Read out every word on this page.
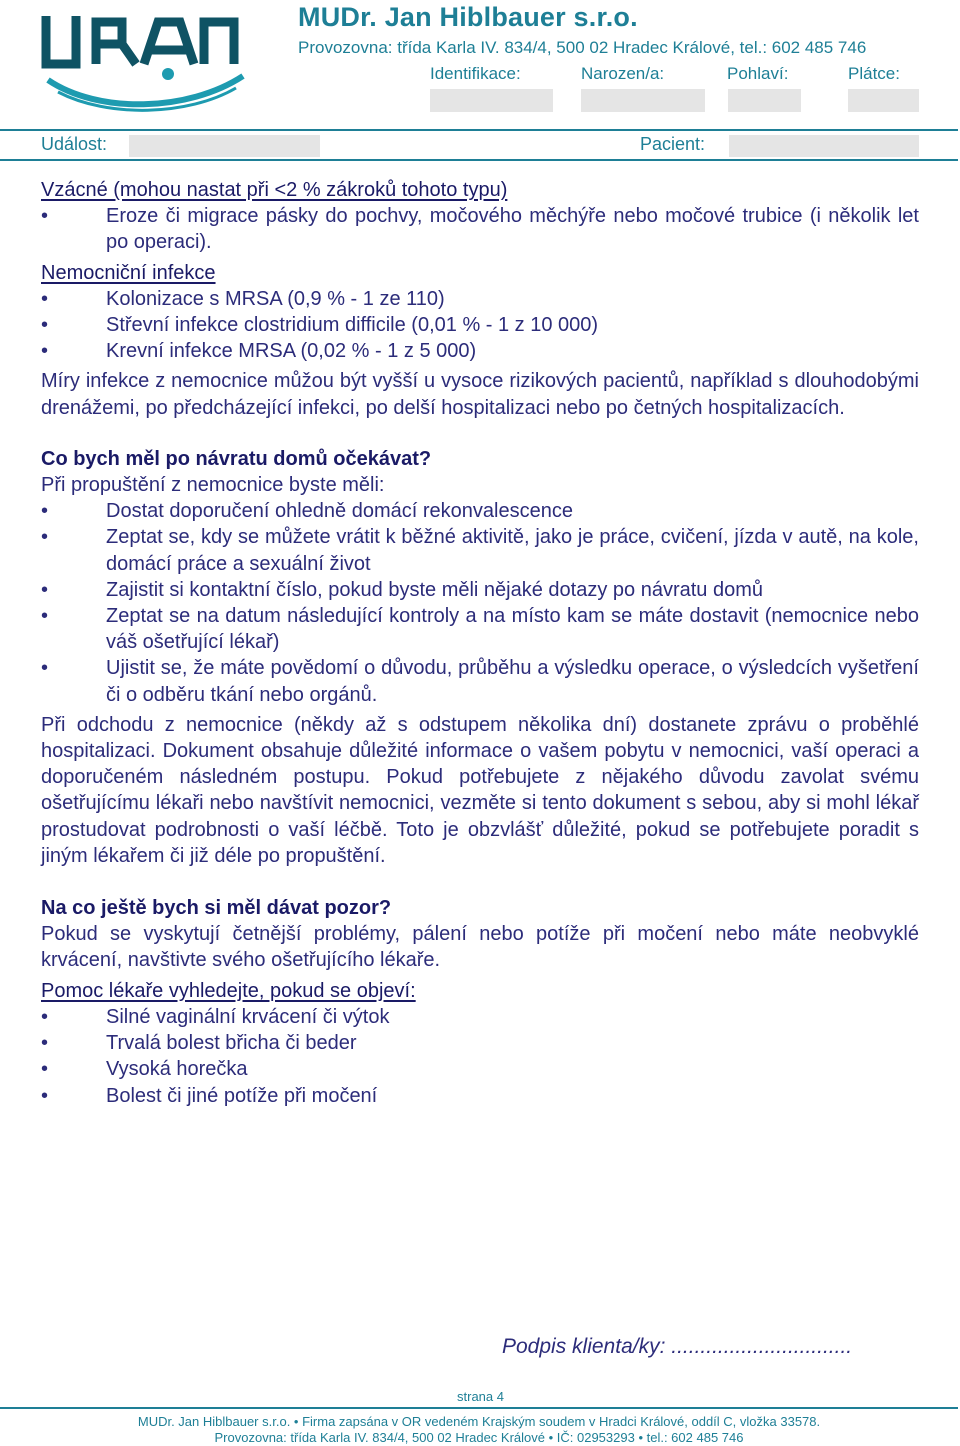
URAN	MUDr. Jan Hiblbauer s.r.o.
Provozovna: třída Karla IV. 834/4, 500 02 Hradec Králové, tel.: 602 485 746
Identifikace:	Narozen/a:	Pohlaví:	Plátce:
Událost:	Pacient:

Vzácné (mohou nastat při <2 % zákroků tohoto typu)

• Eroze či migrace pásky do pochvy, močového měchýře nebo močové trubice (i několik let po operaci).

Nemocniční infekce

• Kolonizace s MRSA (0,9 % - 1 ze 110)
• Střevní infekce clostridium difficile (0,01 % - 1 z 10 000)
• Krevní infekce MRSA (0,02 % - 1 z 5 000)

Míry infekce z nemocnice můžou být vyšší u vysoce rizikových pacientů, například s dlouhodobými drenážemi, po předcházející infekci, po delší hospitalizaci nebo po četných hospitalizacích.

Co bych měl po návratu domů očekávat?

Při propuštění z nemocnice byste měli:

• Dostat doporučení ohledně domácí rekonvalescence
• Zeptat se, kdy se můžete vrátit k běžné aktivitě, jako je práce, cvičení, jízda v autě, na kole, domácí práce a sexuální život
• Zajistit si kontaktní číslo, pokud byste měli nějaké dotazy po návratu domů
• Zeptat se na datum následující kontroly a na místo kam se máte dostavit (nemocnice nebo váš ošetřující lékař)
• Ujistit se, že máte povědomí o důvodu, průběhu a výsledku operace, o výsledcích vyšetření či o odběru tkání nebo orgánů.

Při odchodu z nemocnice (někdy až s odstupem několika dní) dostanete zprávu o proběhlé hospitalizaci. Dokument obsahuje důležité informace o vašem pobytu v nemocnici, vaší operaci a doporučeném následném postupu. Pokud potřebujete z nějakého důvodu zavolat svému ošetřujícímu lékaři nebo navštívit nemocnici, vezměte si tento dokument s sebou, aby si mohl lékař prostudovat podrobnosti o vaší léčbě. Toto je obzvlášť důležité, pokud se potřebujete poradit s jiným lékařem či již déle po propuštění.

Na co ještě bych si měl dávat pozor?

Pokud se vyskytují četnější problémy, pálení nebo potíže při močení nebo máte neobvyklé krvácení, navštivte svého ošetřujícího lékaře.

Pomoc lékaře vyhledejte, pokud se objeví:

• Silné vaginální krvácení či výtok
• Trvalá bolest břicha či beder
• Vysoká horečka
• Bolest či jiné potíže při močení
Podpis klienta/ky: ...............................
strana 4
MUDr. Jan Hiblbauer s.r.o. • Firma zapsána v OR vedeném Krajským soudem v Hradci Králové, oddíl C, vložka 33578.
Provozovna: třída Karla IV. 834/4, 500 02 Hradec Králové • IČ: 02953293 • tel.: 602 485 746
